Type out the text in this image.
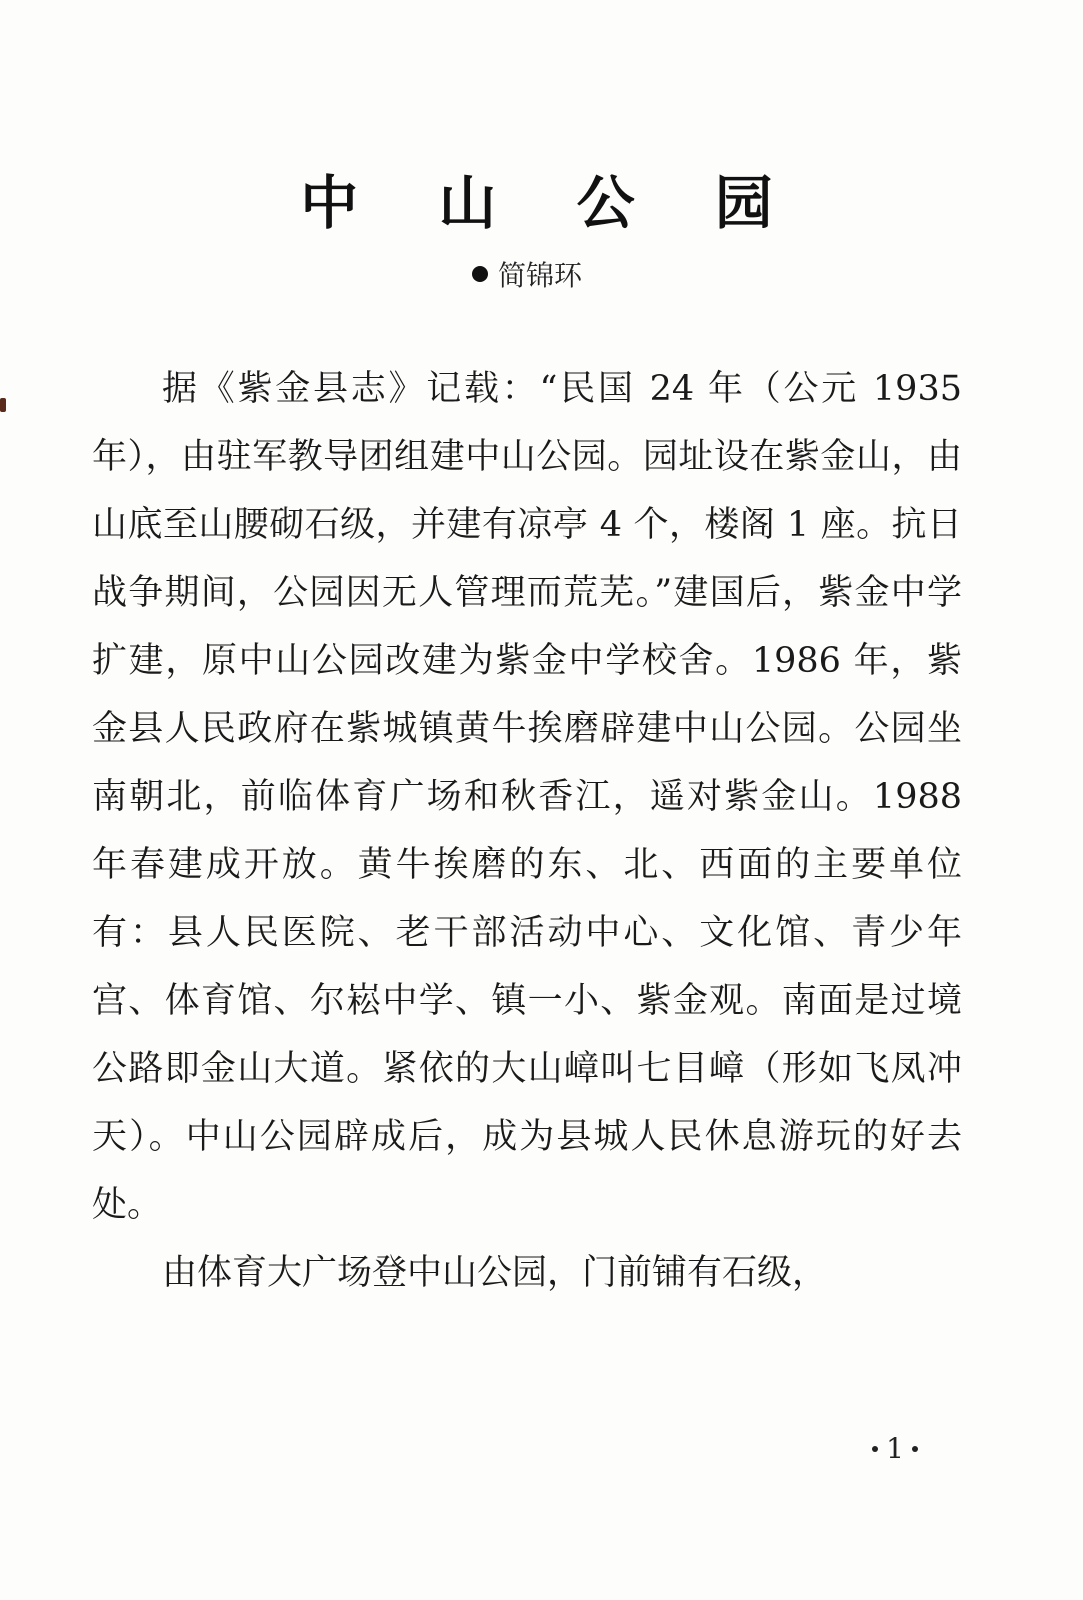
中 山 公 园
简锦环

据《紫金县志》记载：“民国 24 年（公元 1935 年），由驻军教导团组建中山公园。园址设在紫金山，由山底至山腰砌石级，并建有凉亭 4 个，楼阁 1 座。抗日战争期间，公园因无人管理而荒芜。”建国后，紫金中学扩建，原中山公园改建为紫金中学校舍。1986 年，紫金县人民政府在紫城镇黄牛挨磨辟建中山公园。公园坐南朝北，前临体育广场和秋香江，遥对紫金山。1988 年春建成开放。黄牛挨磨的东、北、西面的主要单位有：县人民医院、老干部活动中心、文化馆、青少年宫、体育馆、尔崧中学、镇一小、紫金观。南面是过境公路即金山大道。紧依的大山嶂叫七目嶂（形如飞凤冲天）。中山公园辟成后，成为县城人民休息游玩的好去处。

由体育大广场登中山公园，门前铺有石级，

1
